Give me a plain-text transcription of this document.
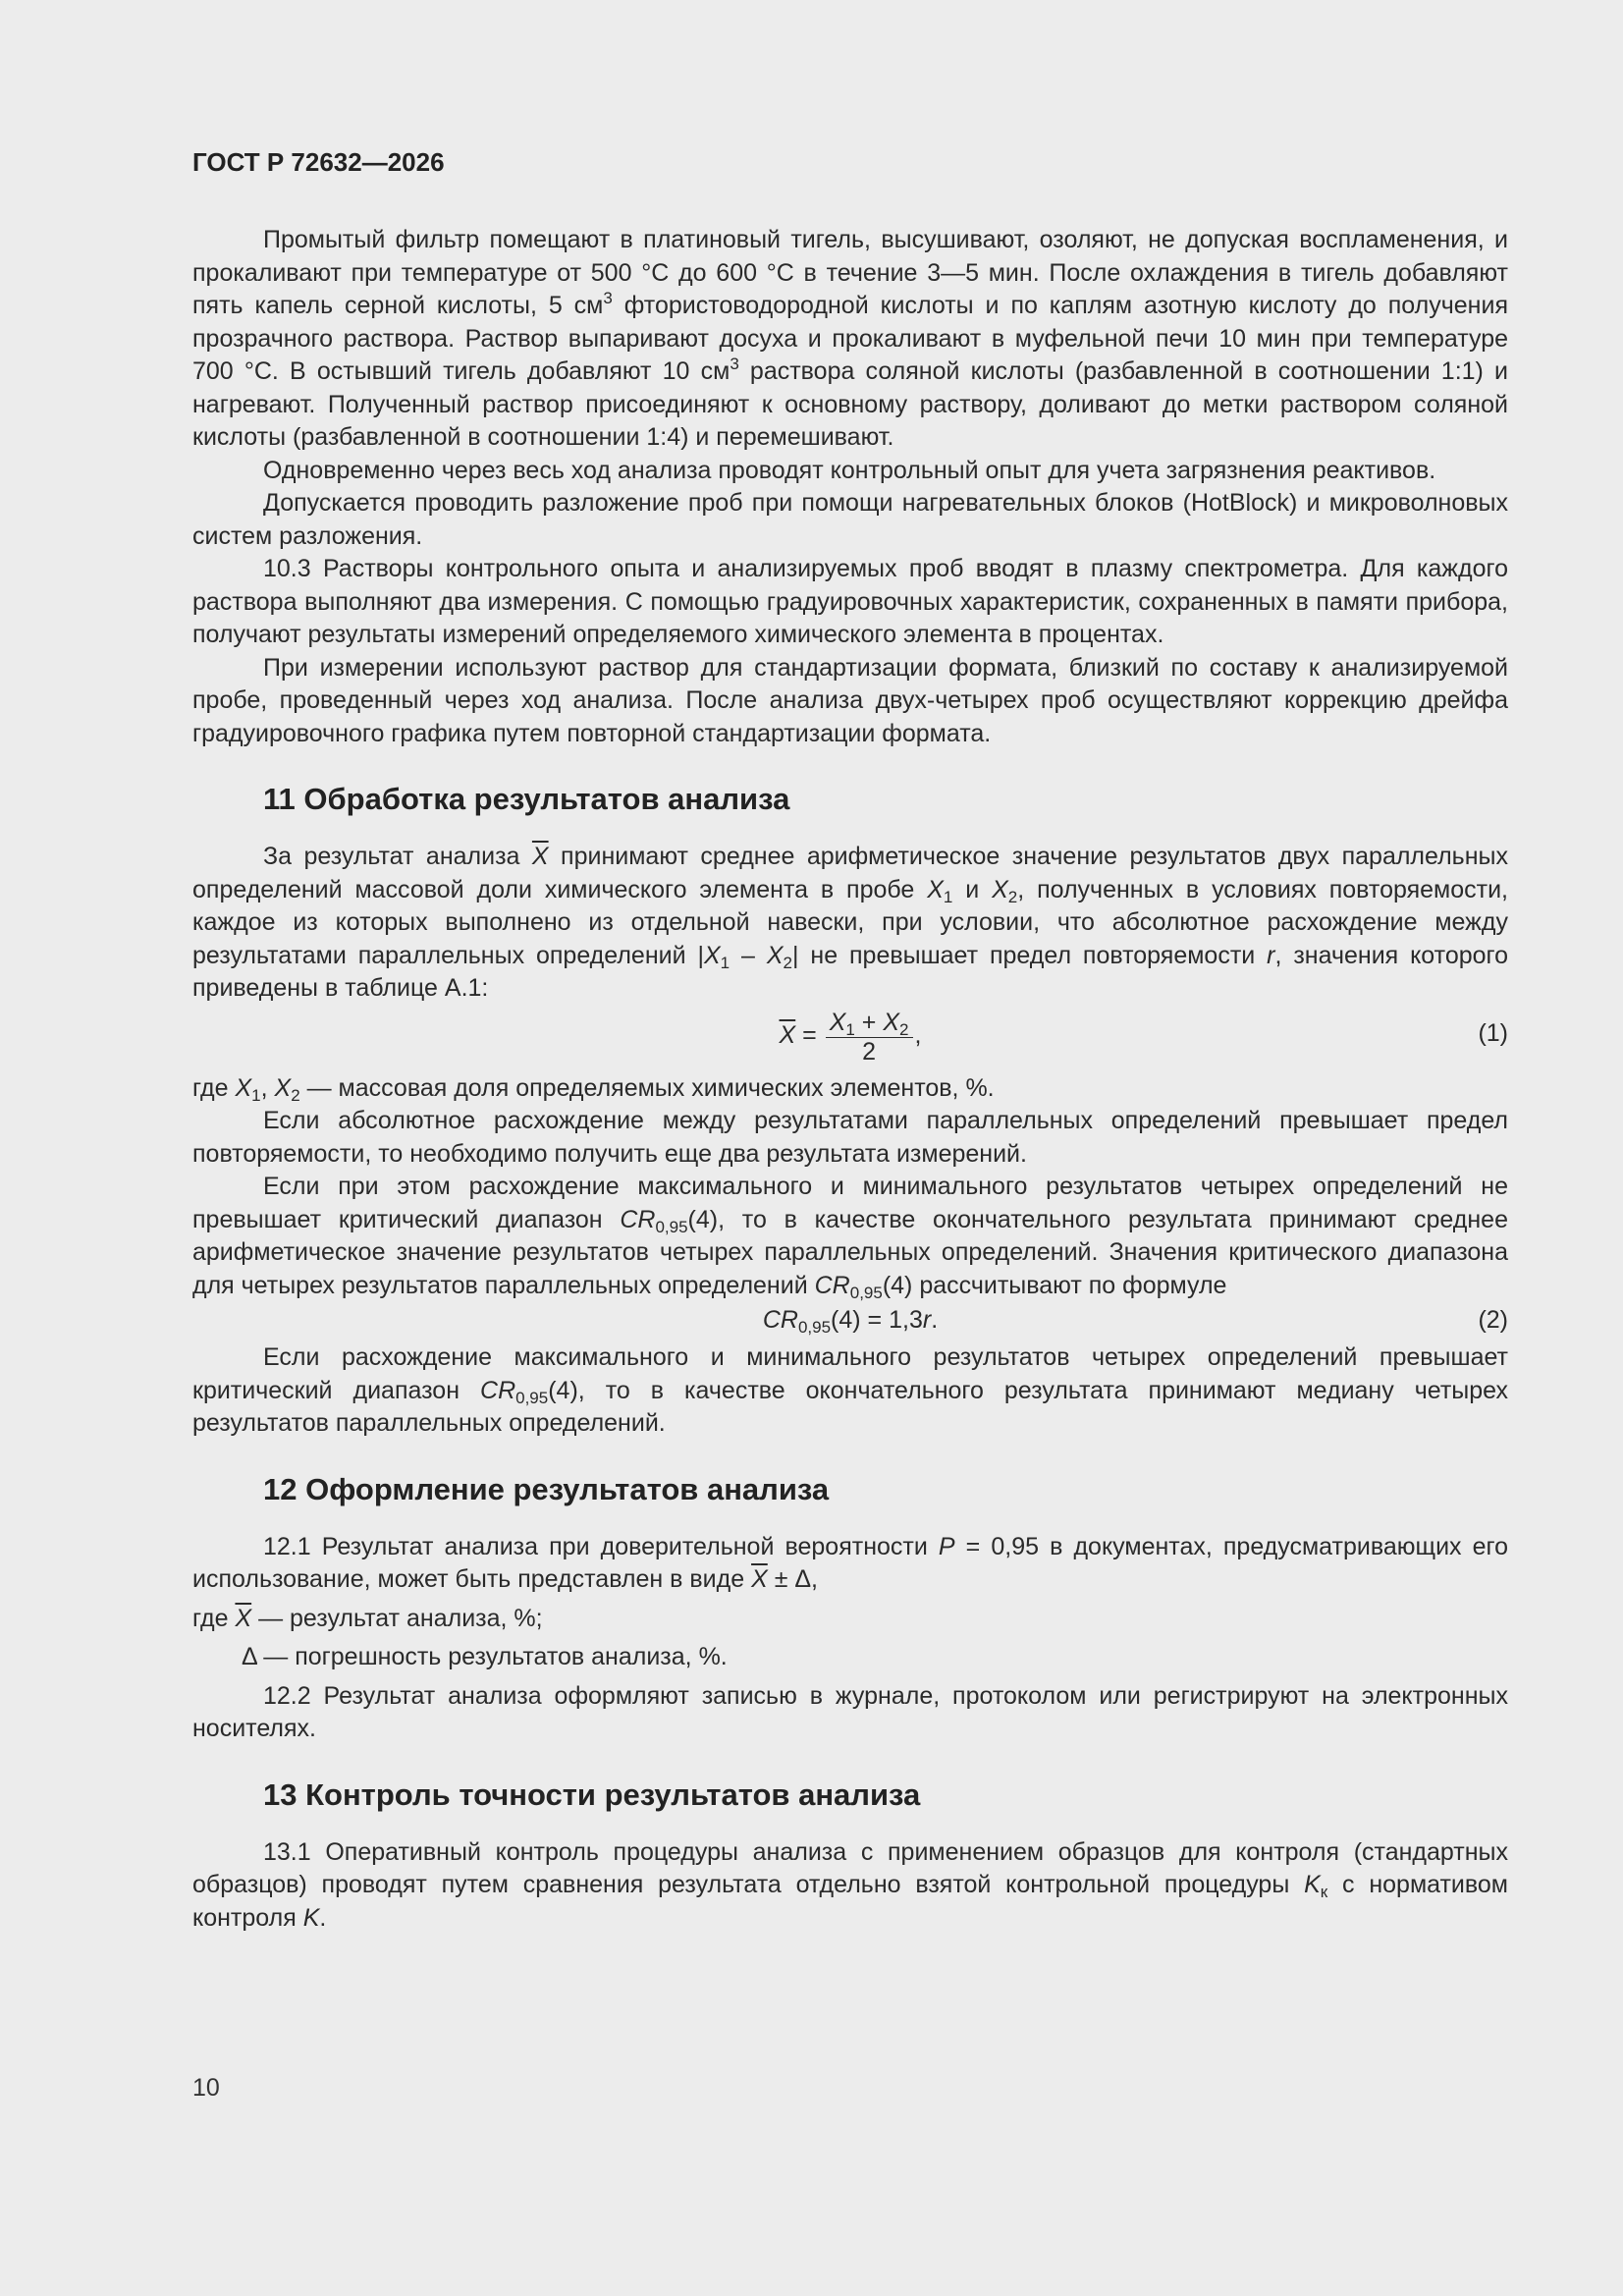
ГОСТ Р 72632—2026

Промытый фильтр помещают в платиновый тигель, высушивают, озоляют, не допуская воспламенения, и прокаливают при температуре от 500 °С до 600 °С в течение 3—5 мин. После охлаждения в тигель добавляют пять капель серной кислоты, 5 $см^3$ фтористоводородной кислоты и по каплям азотную кислоту до получения прозрачного раствора. Раствор выпаривают досуха и прокаливают в муфельной печи 10 мин при температуре 700 °С. В остывший тигель добавляют 10 $см^3$ раствора соляной кислоты (разбавленной в соотношении 1:1) и нагревают. Полученный раствор присоединяют к основному раствору, доливают до метки раствором соляной кислоты (разбавленной в соотношении 1:4) и перемешивают.

Одновременно через весь ход анализа проводят контрольный опыт для учета загрязнения реактивов.

Допускается проводить разложение проб при помощи нагревательных блоков (HotBlock) и микроволновых систем разложения.

10.3 Растворы контрольного опыта и анализируемых проб вводят в плазму спектрометра. Для каждого раствора выполняют два измерения. С помощью градуировочных характеристик, сохраненных в памяти прибора, получают результаты измерений определяемого химического элемента в процентах.

При измерении используют раствор для стандартизации формата, близкий по составу к анализируемой пробе, проведенный через ход анализа. После анализа двух-четырех проб осуществляют коррекцию дрейфа градуировочного графика путем повторной стандартизации формата.

11 Обработка результатов анализа

За результат анализа $\overline{X}$ принимают среднее арифметическое значение результатов двух параллельных определений массовой доли химического элемента в пробе $X_1$ и $X_2$, полученных в условиях повторяемости, каждое из которых выполнено из отдельной навески, при условии, что абсолютное расхождение между результатами параллельных определений $|X_1 - X_2|$ не превышает предел повторяемости r, значения которого приведены в таблице А.1:

$\overline{X} = \frac{X_1 + X_2}{2}$ ,	(1)

где $X_1$, $X_2$ — массовая доля определяемых химических элементов, %.

Если абсолютное расхождение между результатами параллельных определений превышает предел повторяемости, то необходимо получить еще два результата измерений.

Если при этом расхождение максимального и минимального результатов четырех определений не превышает критический диапазон $CR_{0,95}(4)$, то в качестве окончательного результата принимают среднее арифметическое значение результатов четырех параллельных определений. Значения критического диапазона для четырех результатов параллельных определений $CR_{0,95}(4)$ рассчитывают по формуле

$CR_{0,95}(4) = 1,3r$.	(2)

Если расхождение максимального и минимального результатов четырех определений превышает критический диапазон $CR_{0,95}(4)$, то в качестве окончательного результата принимают медиану четырех результатов параллельных определений.

12 Оформление результатов анализа

12.1 Результат анализа при доверительной вероятности P = 0,95 в документах, предусматривающих его использование, может быть представлен в виде $\overline{X} \pm \Delta$,

где $\overline{X}$ — результат анализа, %;

Δ — погрешность результатов анализа, %.

12.2 Результат анализа оформляют записью в журнале, протоколом или регистрируют на электронных носителях.

13 Контроль точности результатов анализа

13.1 Оперативный контроль процедуры анализа с применением образцов для контроля (стандартных образцов) проводят путем сравнения результата отдельно взятой контрольной процедуры $K_к$ с нормативом контроля K.

10
